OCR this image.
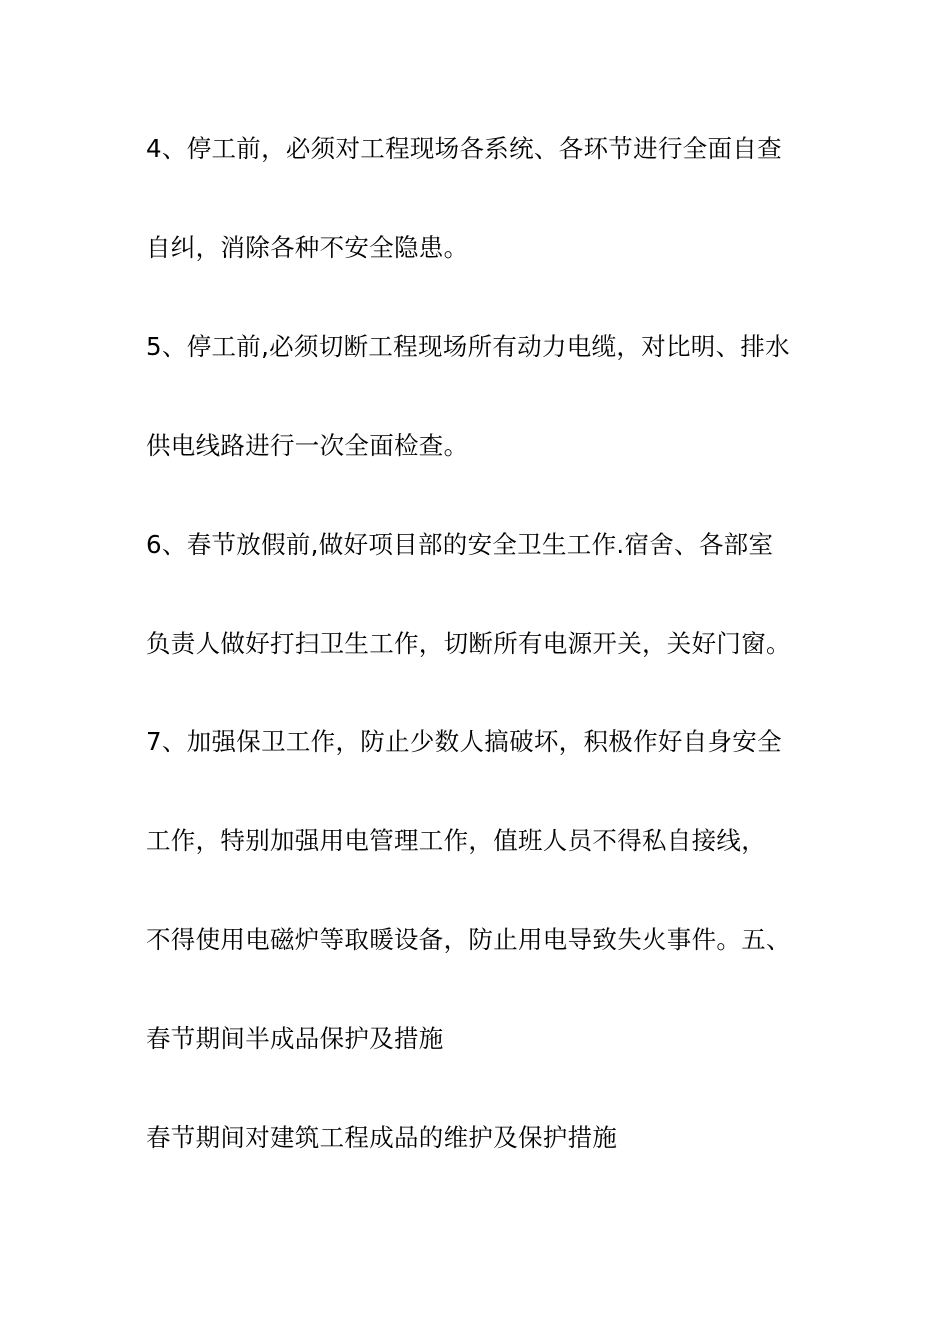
4、停工前，必须对工程现场各系统、各环节进行全面自查
自纠，消除各种不安全隐患。
5、停工前,必须切断工程现场所有动力电缆，对比明、排水
供电线路进行一次全面检查。
6、春节放假前,做好项目部的安全卫生工作.宿舍、各部室
负责人做好打扫卫生工作，切断所有电源开关，关好门窗。
7、加强保卫工作，防止少数人搞破坏，积极作好自身安全
工作，特别加强用电管理工作，值班人员不得私自接线，
不得使用电磁炉等取暖设备，防止用电导致失火事件。五、
春节期间半成品保护及措施
春节期间对建筑工程成品的维护及保护措施
